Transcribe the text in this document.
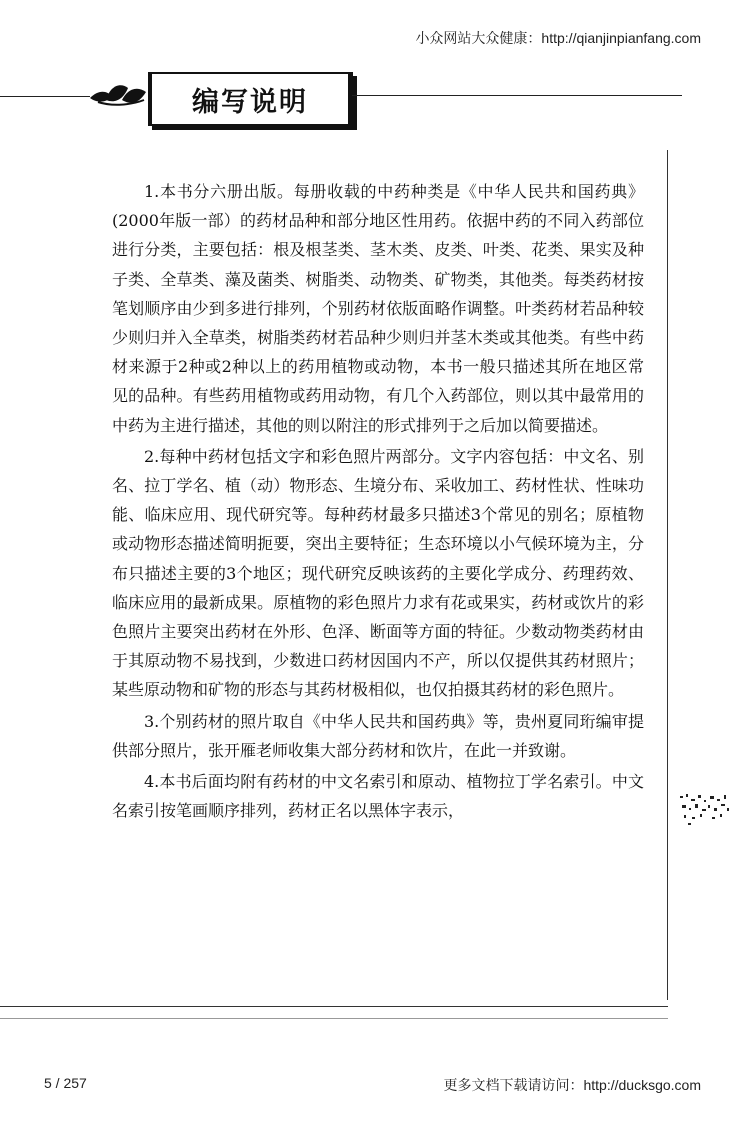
小众网站大众健康：http://qianjinpianfang.com
编写说明

1.本书分六册出版。每册收载的中药种类是《中华人民共和国药典》(2000年版一部）的药材品种和部分地区性用药。依据中药的不同入药部位进行分类，主要包括：根及根茎类、茎木类、皮类、叶类、花类、果实及种子类、全草类、藻及菌类、树脂类、动物类、矿物类，其他类。每类药材按笔划顺序由少到多进行排列，个别药材依版面略作调整。叶类药材若品种较少则归并入全草类，树脂类药材若品种少则归并茎木类或其他类。有些中药材来源于2种或2种以上的药用植物或动物，本书一般只描述其所在地区常见的品种。有些药用植物或药用动物，有几个入药部位，则以其中最常用的中药为主进行描述，其他的则以附注的形式排列于之后加以简要描述。

2.每种中药材包括文字和彩色照片两部分。文字内容包括：中文名、别名、拉丁学名、植（动）物形态、生境分布、采收加工、药材性状、性味功能、临床应用、现代研究等。每种药材最多只描述3个常见的别名；原植物或动物形态描述简明扼要，突出主要特征；生态环境以小气候环境为主，分布只描述主要的3个地区；现代研究反映该药的主要化学成分、药理药效、临床应用的最新成果。原植物的彩色照片力求有花或果实，药材或饮片的彩色照片主要突出药材在外形、色泽、断面等方面的特征。少数动物类药材由于其原动物不易找到，少数进口药材因国内不产，所以仅提供其药材照片；某些原动物和矿物的形态与其药材极相似，也仅拍摄其药材的彩色照片。

3.个别药材的照片取自《中华人民共和国药典》等，贵州夏同珩编审提供部分照片，张开雁老师收集大部分药材和饮片，在此一并致谢。

4.本书后面均附有药材的中文名索引和原动、植物拉丁学名索引。中文名索引按笔画顺序排列，药材正名以黑体字表示，

5 / 257	更多文档下载请访问：http://ducksgo.com
